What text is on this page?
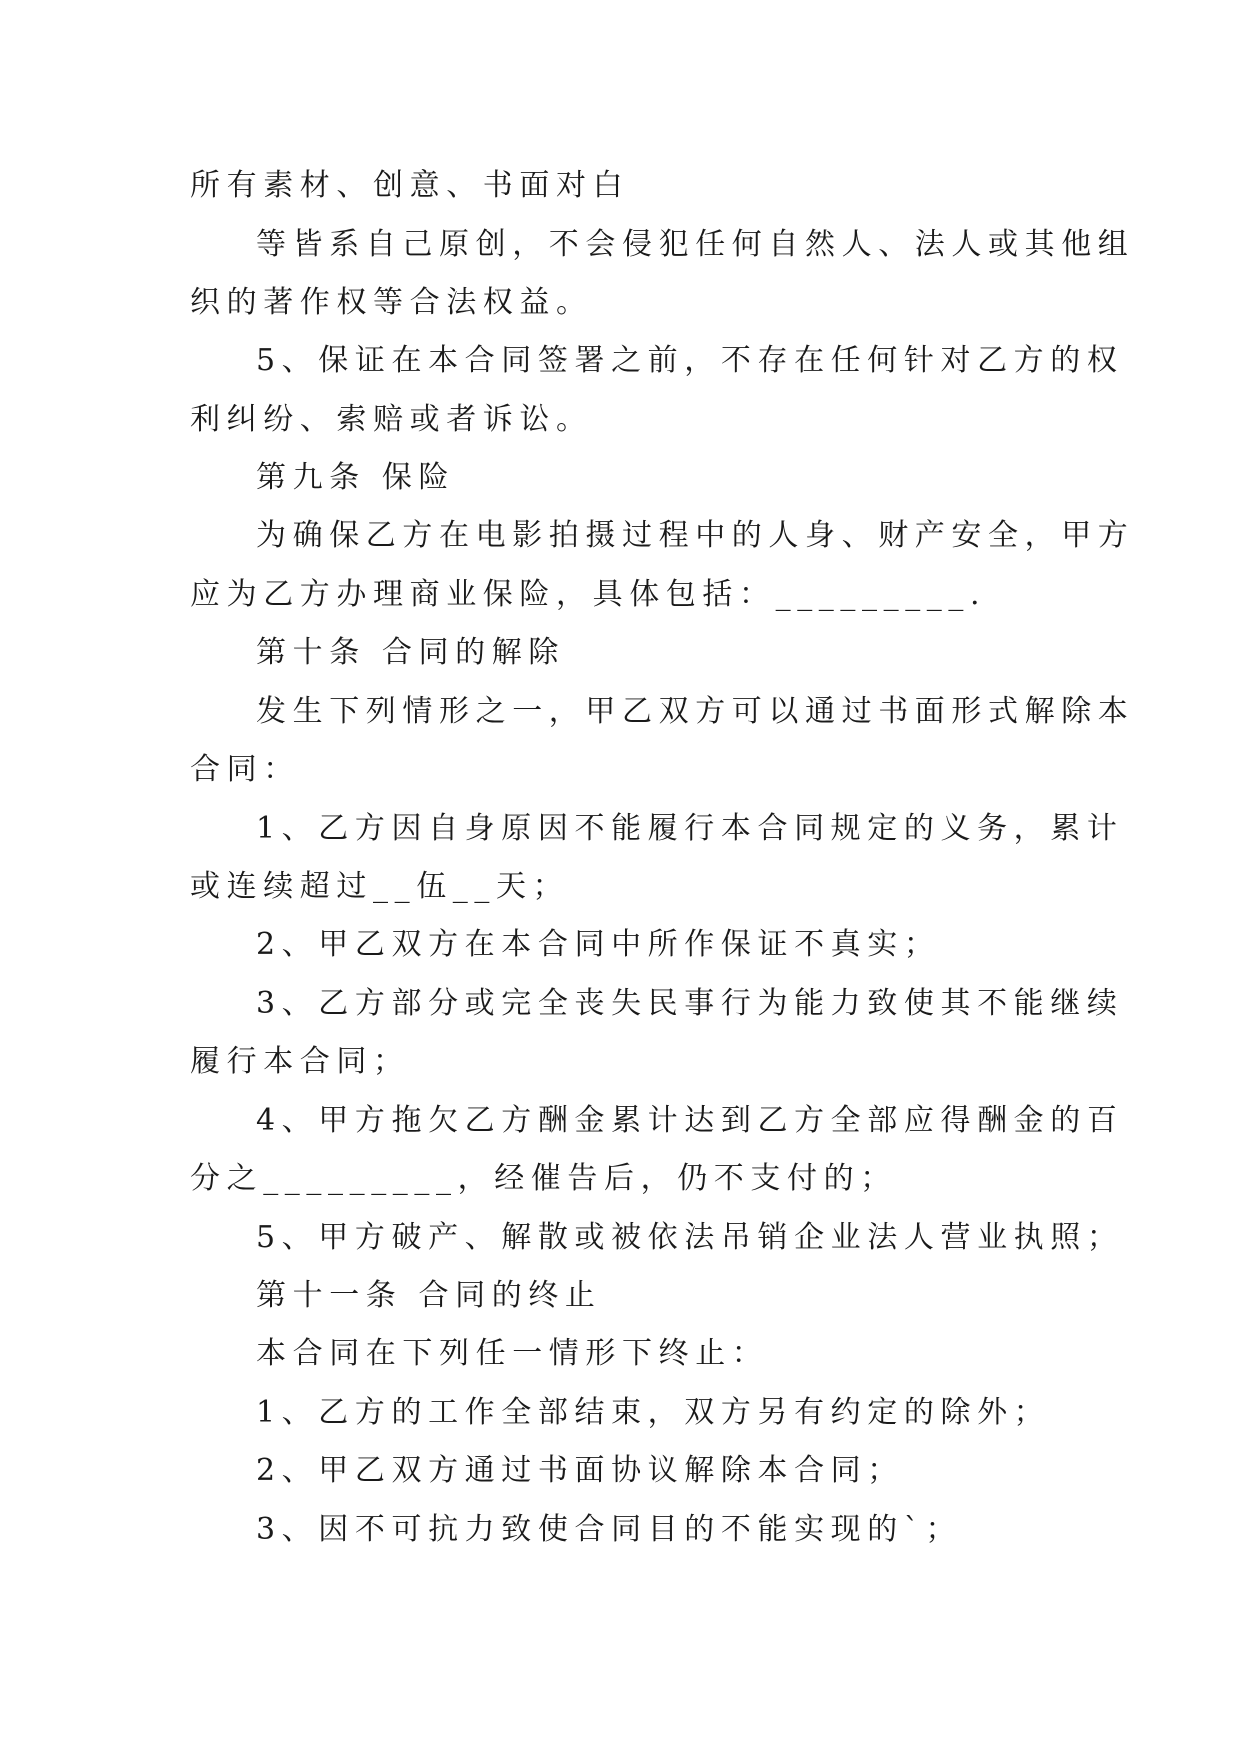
所有素材、创意、书面对白
等皆系自己原创，不会侵犯任何自然人、法人或其他组
织的著作权等合法权益。
5、保证在本合同签署之前，不存在任何针对乙方的权
利纠纷、索赔或者诉讼。
第九条 保险
为确保乙方在电影拍摄过程中的人身、财产安全，甲方
应为乙方办理商业保险，具体包括：_________.
第十条 合同的解除
发生下列情形之一，甲乙双方可以通过书面形式解除本
合同：
1、乙方因自身原因不能履行本合同规定的义务，累计
或连续超过__伍__天；
2、甲乙双方在本合同中所作保证不真实；
3、乙方部分或完全丧失民事行为能力致使其不能继续
履行本合同；
4、甲方拖欠乙方酬金累计达到乙方全部应得酬金的百
分之_________，经催告后，仍不支付的；
5、甲方破产、解散或被依法吊销企业法人营业执照；
第十一条 合同的终止
本合同在下列任一情形下终止：
1、乙方的工作全部结束，双方另有约定的除外；
2、甲乙双方通过书面协议解除本合同；
3、因不可抗力致使合同目的不能实现的`；
